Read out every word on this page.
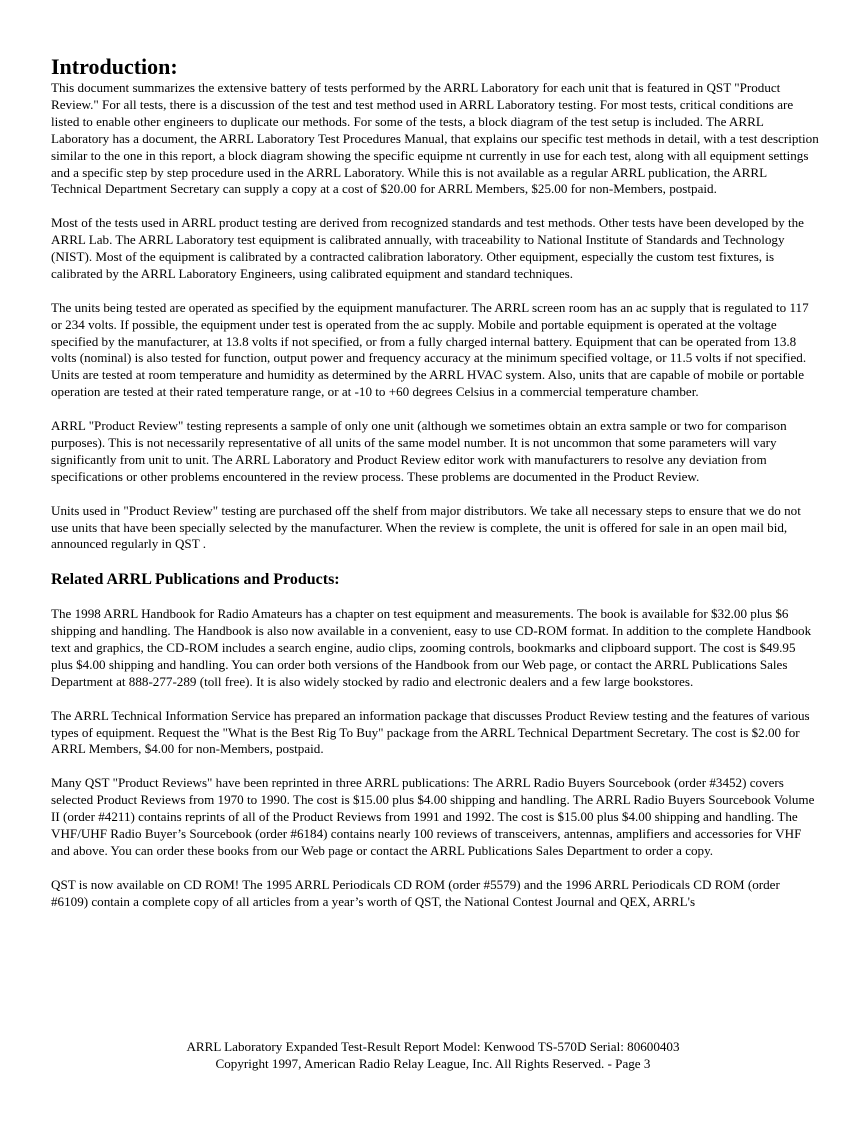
Introduction:

This document summarizes the extensive battery of tests performed by the ARRL Laboratory for each unit that is featured in QST "Product Review." For all tests, there is a discussion of the test and test method used in ARRL Laboratory testing. For most tests, critical conditions are listed to enable other engineers to duplicate our methods. For some of the tests, a block diagram of the test setup is included. The ARRL Laboratory has a document, the ARRL Laboratory Test Procedures Manual, that explains our specific test methods in detail, with a test description similar to the one in this report, a block diagram showing the specific equipme nt currently in use for each test, along with all equipment settings and a specific step by step procedure used in the ARRL Laboratory. While this is not available as a regular ARRL publication, the ARRL Technical Department Secretary can supply a copy at a cost of $20.00 for ARRL Members, $25.00 for non-Members, postpaid.

Most of the tests used in ARRL product testing are derived from recognized standards and test methods. Other tests have been developed by the ARRL Lab. The ARRL Laboratory test equipment is calibrated annually, with traceability to National Institute of Standards and Technology (NIST). Most of the equipment is calibrated by a contracted calibration laboratory. Other equipment, especially the custom test fixtures, is calibrated by the ARRL Laboratory Engineers, using calibrated equipment and standard techniques.

The units being tested are operated as specified by the equipment manufacturer. The ARRL screen room has an ac supply that is regulated to 117 or 234 volts. If possible, the equipment under test is operated from the ac supply. Mobile and portable equipment is operated at the voltage specified by the manufacturer, at 13.8 volts if not specified, or from a fully charged internal battery. Equipment that can be operated from 13.8 volts (nominal) is also tested for function, output power and frequency accuracy at the minimum specified voltage, or 11.5 volts if not specified. Units are tested at room temperature and humidity as determined by the ARRL HVAC system. Also, units that are capable of mobile or portable operation are tested at their rated temperature range, or at -10 to +60 degrees Celsius in a commercial temperature chamber.

ARRL "Product Review" testing represents a sample of only one unit (although we sometimes obtain an extra sample or two for comparison purposes). This is not necessarily representative of all units of the same model number. It is not uncommon that some parameters will vary significantly from unit to unit. The ARRL Laboratory and Product Review editor work with manufacturers to resolve any deviation from specifications or other problems encountered in the review process. These problems are documented in the Product Review.

Units used in "Product Review" testing are purchased off the shelf from major distributors. We take all necessary steps to ensure that we do not use units that have been specially selected by the manufacturer. When the review is complete, the unit is offered for sale in an open mail bid, announced regularly in QST .

Related ARRL Publications and Products:

The 1998 ARRL Handbook for Radio Amateurs has a chapter on test equipment and measurements. The book is available for $32.00 plus $6 shipping and handling. The Handbook is also now available in a convenient, easy to use CD-ROM format. In addition to the complete Handbook text and graphics, the CD-ROM includes a search engine, audio clips, zooming controls, bookmarks and clipboard support. The cost is $49.95 plus $4.00 shipping and handling. You can order both versions of the Handbook from our Web page, or contact the ARRL Publications Sales Department at 888-277-289 (toll free). It is also widely stocked by radio and electronic dealers and a few large bookstores.

The ARRL Technical Information Service has prepared an information package that discusses Product Review testing and the features of various types of equipment. Request the "What is the Best Rig To Buy" package from the ARRL Technical Department Secretary. The cost is $2.00 for ARRL Members, $4.00 for non-Members, postpaid.

Many QST "Product Reviews" have been reprinted in three ARRL publications: The ARRL Radio Buyers Sourcebook (order #3452) covers selected Product Reviews from 1970 to 1990. The cost is $15.00 plus $4.00 shipping and handling. The ARRL Radio Buyers Sourcebook Volume II (order #4211) contains reprints of all of the Product Reviews from 1991 and 1992. The cost is $15.00 plus $4.00 shipping and handling. The VHF/UHF Radio Buyer’s Sourcebook (order #6184) contains nearly 100 reviews of transceivers, antennas, amplifiers and accessories for VHF and above. You can order these books from our Web page or contact the ARRL Publications Sales Department to order a copy.

QST is now available on CD ROM! The 1995 ARRL Periodicals CD ROM (order #5579) and the 1996 ARRL Periodicals CD ROM (order #6109) contain a complete copy of all articles from a year’s worth of QST, the National Contest Journal and QEX, ARRL's

ARRL Laboratory Expanded Test-Result Report Model: Kenwood TS-570D Serial: 80600403
Copyright 1997, American Radio Relay League, Inc. All Rights Reserved. - Page 3
